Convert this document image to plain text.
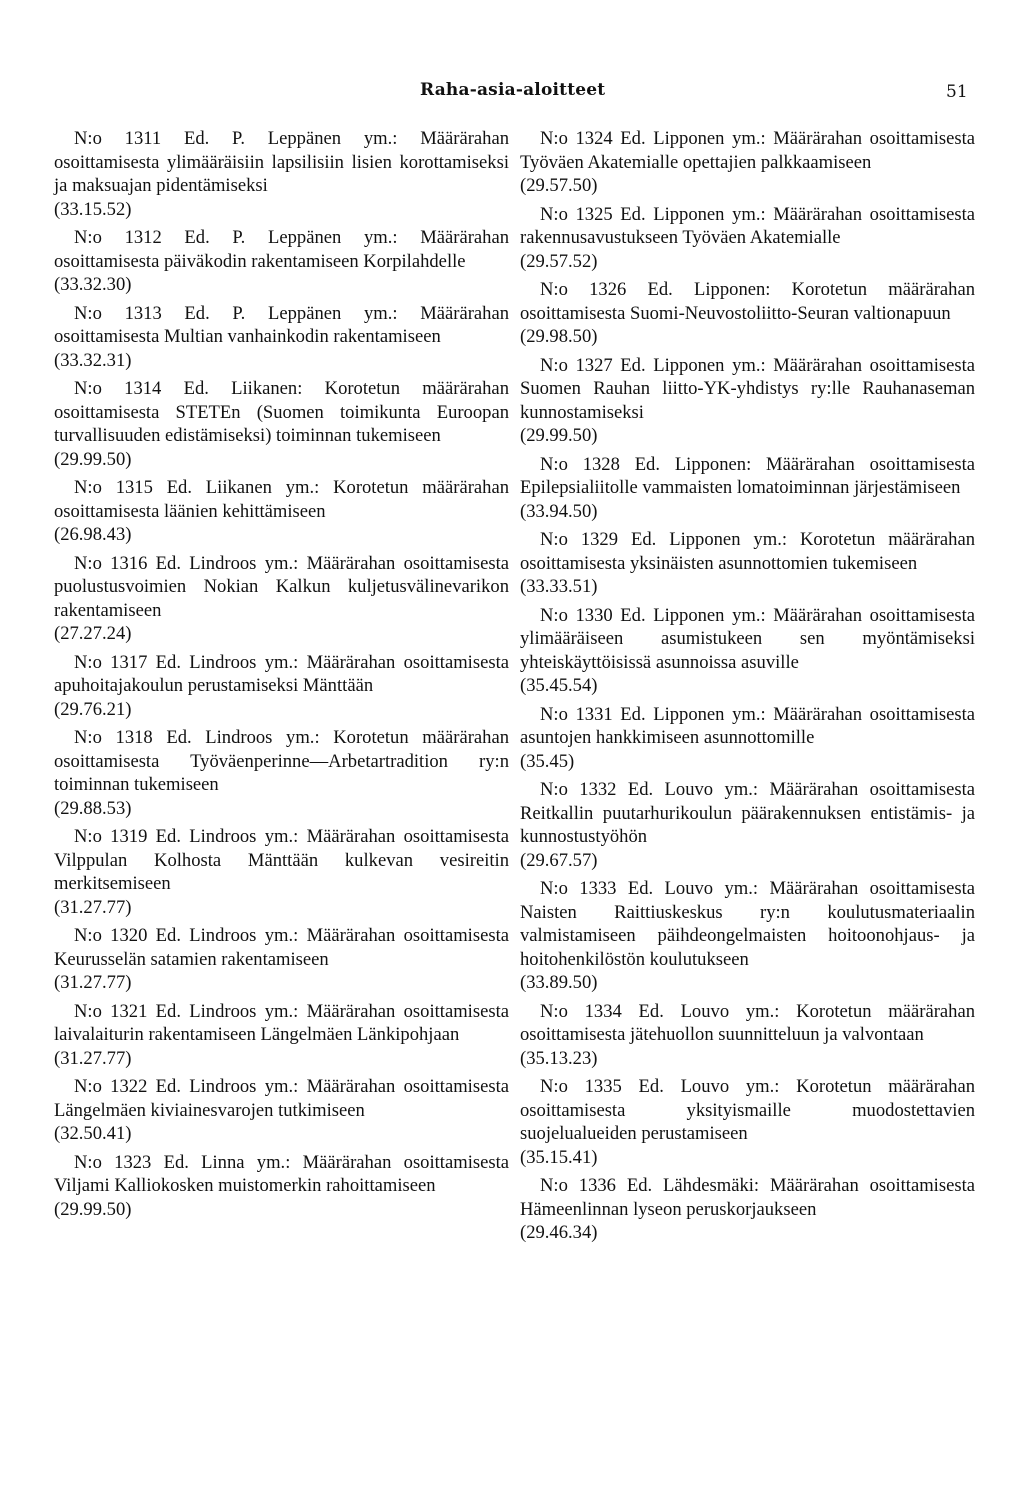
Raha-asia-aloitteet	51
N:o 1311 Ed. P. Leppänen ym.: Määrärahan osoittamisesta ylimääräisiin lapsilisiin lisien korottamiseksi ja maksuajan pidentämiseksi
(33.15.52)
N:o 1312 Ed. P. Leppänen ym.: Määrärahan osoittamisesta päiväkodin rakentamiseen Korpilahdelle
(33.32.30)
N:o 1313 Ed. P. Leppänen ym.: Määrärahan osoittamisesta Multian vanhainkodin rakentamiseen
(33.32.31)
N:o 1314 Ed. Liikanen: Korotetun määrärahan osoittamisesta STETEn (Suomen toimikunta Euroopan turvallisuuden edistämiseksi) toiminnan tukemiseen
(29.99.50)
N:o 1315 Ed. Liikanen ym.: Korotetun määrärahan osoittamisesta läänien kehittämiseen
(26.98.43)
N:o 1316 Ed. Lindroos ym.: Määrärahan osoittamisesta puolustusvoimien Nokian Kalkun kuljetusvälinevarikon rakentamiseen
(27.27.24)
N:o 1317 Ed. Lindroos ym.: Määrärahan osoittamisesta apuhoitajakoulun perustamiseksi Mänttään
(29.76.21)
N:o 1318 Ed. Lindroos ym.: Korotetun määrärahan osoittamisesta Työväenperinne—Arbetartradition ry:n toiminnan tukemiseen
(29.88.53)
N:o 1319 Ed. Lindroos ym.: Määrärahan osoittamisesta Vilppulan Kolhosta Mänttään kulkevan vesireitin merkitsemiseen
(31.27.77)
N:o 1320 Ed. Lindroos ym.: Määrärahan osoittamisesta Keurusselän satamien rakentamiseen
(31.27.77)
N:o 1321 Ed. Lindroos ym.: Määrärahan osoittamisesta laivalaiturin rakentamiseen Längelmäen Länkipohjaan
(31.27.77)
N:o 1322 Ed. Lindroos ym.: Määrärahan osoittamisesta Längelmäen kiviainesvarojen tutkimiseen
(32.50.41)
N:o 1323 Ed. Linna ym.: Määrärahan osoittamisesta Viljami Kalliokosken muistomerkin rahoittamiseen
(29.99.50)
N:o 1324 Ed. Lipponen ym.: Määrärahan osoittamisesta Työväen Akatemialle opettajien palkkaamiseen
(29.57.50)
N:o 1325 Ed. Lipponen ym.: Määrärahan osoittamisesta rakennusavustukseen Työväen Akatemialle
(29.57.52)
N:o 1326 Ed. Lipponen: Korotetun määrärahan osoittamisesta Suomi-Neuvostoliitto-Seuran valtionapuun
(29.98.50)
N:o 1327 Ed. Lipponen ym.: Määrärahan osoittamisesta Suomen Rauhan liitto-YK-yhdistys ry:lle Rauhanaseman kunnostamiseksi
(29.99.50)
N:o 1328 Ed. Lipponen: Määrärahan osoittamisesta Epilepsialiitolle vammaisten lomatoiminnan järjestämiseen
(33.94.50)
N:o 1329 Ed. Lipponen ym.: Korotetun määrärahan osoittamisesta yksinäisten asunnottomien tukemiseen
(33.33.51)
N:o 1330 Ed. Lipponen ym.: Määrärahan osoittamisesta ylimääräiseen asumistukeen sen myöntämiseksi yhteiskäyttöisissä asunnoissa asuville
(35.45.54)
N:o 1331 Ed. Lipponen ym.: Määrärahan osoittamisesta asuntojen hankkimiseen asunnottomille
(35.45)
N:o 1332 Ed. Louvo ym.: Määrärahan osoittamisesta Reitkallin puutarhurikoulun päärakennuksen entistämis- ja kunnostustyöhön
(29.67.57)
N:o 1333 Ed. Louvo ym.: Määrärahan osoittamisesta Naisten Raittiuskeskus ry:n koulutusmateriaalin valmistamiseen päihdeongelmaisten hoitoonohjaus- ja hoitohenkilöstön koulutukseen
(33.89.50)
N:o 1334 Ed. Louvo ym.: Korotetun määrärahan osoittamisesta jätehuollon suunnitteluun ja valvontaan
(35.13.23)
N:o 1335 Ed. Louvo ym.: Korotetun määrärahan osoittamisesta yksityismaille muodostettavien suojelualueiden perustamiseen
(35.15.41)
N:o 1336 Ed. Lähdesmäki: Määrärahan osoittamisesta Hämeenlinnan lyseon peruskorjaukseen
(29.46.34)
